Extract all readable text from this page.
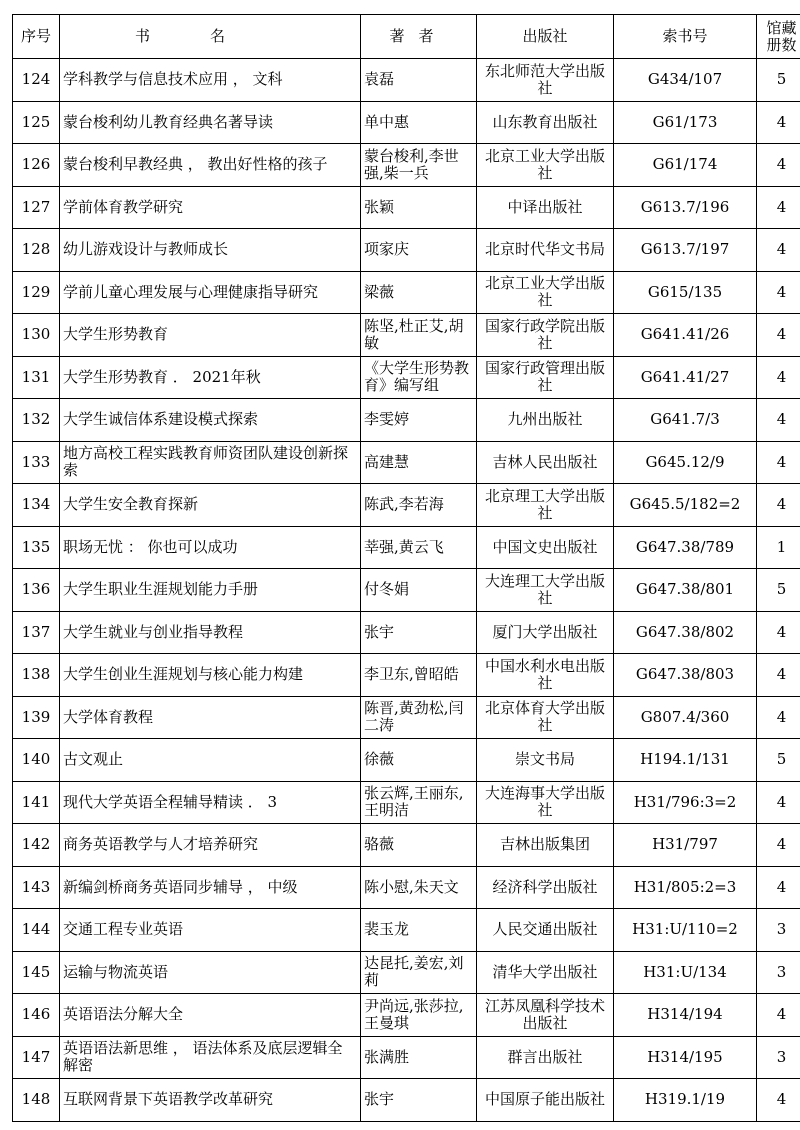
序号	书名	著者	出版社	索书号	馆藏册数

124	学科教学与信息技术应用 ， 文科	袁磊	东北师范大学出版社	G434/107	5

125	蒙台梭利幼儿教育经典名著导读	单中惠	山东教育出版社	G61/173	4

126	蒙台梭利早教经典 ， 教出好性格的孩子	蒙台梭利,李世强,柴一兵	北京工业大学出版社	G61/174	4

127	学前体育教学研究	张颖	中译出版社	G613.7/196	4

128	幼儿游戏设计与教师成长	项家庆	北京时代华文书局	G613.7/197	4

129	学前儿童心理发展与心理健康指导研究	梁薇	北京工业大学出版社	G615/135	4

130	大学生形势教育	陈坚,杜正艾,胡敏	国家行政学院出版社	G641.41/26	4

131	大学生形势教育 ． 2021年秋	《大学生形势教育》编写组	国家行政管理出版社	G641.41/27	4

132	大学生诚信体系建设模式探索	李雯婷	九州出版社	G641.7/3	4

133	地方高校工程实践教育师资团队建设创新探索	高建慧	吉林人民出版社	G645.12/9	4

134	大学生安全教育探新	陈武,李若海	北京理工大学出版社	G645.5/182=2	4

135	职场无忧 ： 你也可以成功	莘强,黄云飞	中国文史出版社	G647.38/789	1

136	大学生职业生涯规划能力手册	付冬娟	大连理工大学出版社	G647.38/801	5

137	大学生就业与创业指导教程	张宇	厦门大学出版社	G647.38/802	4

138	大学生创业生涯规划与核心能力构建	李卫东,曾昭皓	中国水利水电出版社	G647.38/803	4

139	大学体育教程	陈晋,黄劲松,闫二涛	北京体育大学出版社	G807.4/360	4

140	古文观止	徐薇	崇文书局	H194.1/131	5

141	现代大学英语全程辅导精读 ． 3	张云辉,王丽东,王明洁	大连海事大学出版社	H31/796:3=2	4

142	商务英语教学与人才培养研究	骆薇	吉林出版集团	H31/797	4

143	新编剑桥商务英语同步辅导 ， 中级	陈小慰,朱天文	经济科学出版社	H31/805:2=3	4

144	交通工程专业英语	裴玉龙	人民交通出版社	H31:U/110=2	3

145	运输与物流英语	达昆托,姜宏,刘莉	清华大学出版社	H31:U/134	3

146	英语语法分解大全	尹尚远,张莎拉,王曼琪	江苏凤凰科学技术出版社	H314/194	4

147	英语语法新思维 ， 语法体系及底层逻辑全解密	张满胜	群言出版社	H314/195	3

148	互联网背景下英语教学改革研究	张宇	中国原子能出版社	H319.1/19	4
